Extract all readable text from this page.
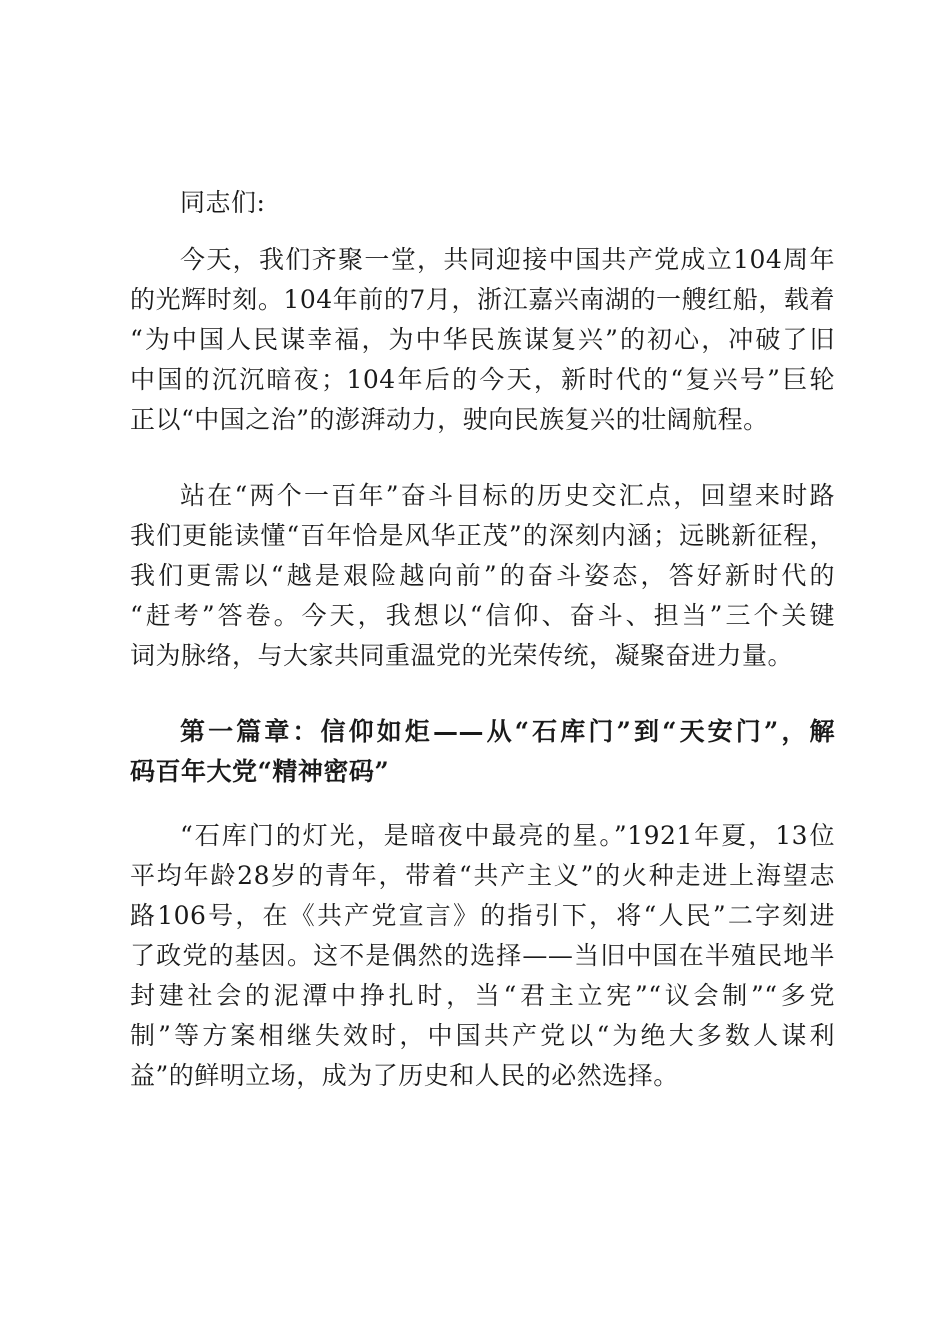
同志们:
今天，我们齐聚一堂，共同迎接中国共产党成立104周年
的光辉时刻。104年前的7月，浙江嘉兴南湖的一艘红船，载着
“为中国人民谋幸福，为中华民族谋复兴”的初心，冲破了旧
中国的沉沉暗夜；104年后的今天，新时代的“复兴号”巨轮
正以“中国之治”的澎湃动力，驶向民族复兴的壮阔航程。
站在“两个一百年”奋斗目标的历史交汇点，回望来时路
我们更能读懂“百年恰是风华正茂”的深刻内涵；远眺新征程，
我们更需以“越是艰险越向前”的奋斗姿态，答好新时代的
“赶考”答卷。今天，我想以“信仰、奋斗、担当”三个关键
词为脉络，与大家共同重温党的光荣传统，凝聚奋进力量。
第一篇章：信仰如炬——从“石库门”到“天安门”，解
码百年大党“精神密码”
“石库门的灯光，是暗夜中最亮的星。”1921年夏，13位
平均年龄28岁的青年，带着“共产主义”的火种走进上海望志
路106号，在《共产党宣言》的指引下，将“人民”二字刻进
了政党的基因。这不是偶然的选择——当旧中国在半殖民地半
封建社会的泥潭中挣扎时，当“君主立宪”“议会制”“多党
制”等方案相继失效时，中国共产党以“为绝大多数人谋利
益”的鲜明立场，成为了历史和人民的必然选择。
